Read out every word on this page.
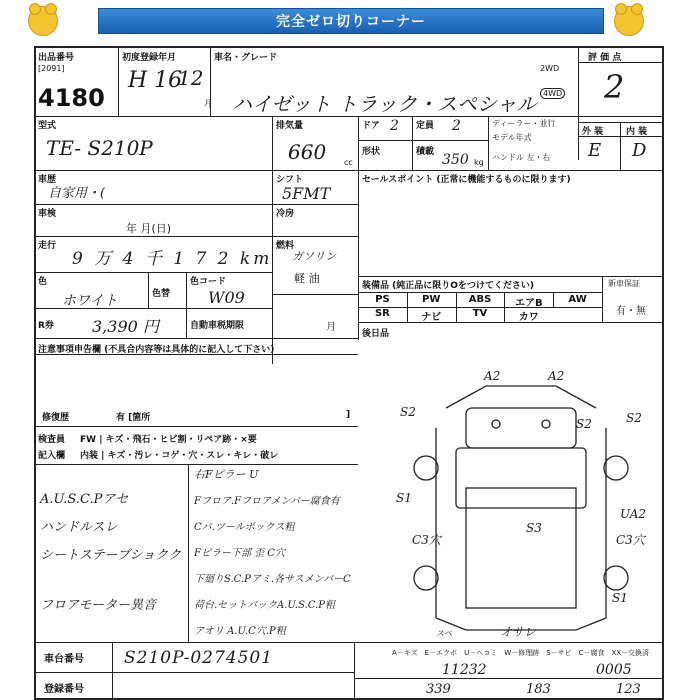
完全ゼロ切りコーナー
出品番号
[2091]
4180
初度登録年月
H 16
12
月
車名・グレード
ハイゼット トラック・スペシャル
2WD
4WD
評 価 点
2
型式
TE- S210P
排気量
660 cc
ドア 2 定員 2
形状	積載 350 kg
ディーラー・並行
モデル年式
ハンドル 左・右
外 装	内 装
E D
車歴
自家用・(
シフト
5FMT
セールスポイント (正常に機能するものに限ります)
車検
年 月(日)
冷房
走行
9 万 4 千 1 7 2 km
燃料
ガソリン
軽 油
色
ホワイト	色替
色コード
W09
R券 3,390 円	自動車税期限	月
装備品 (純正品に限りOをつけてください)	新車保証
有・無
後日品
注意事項申告欄 (不具合内容等は具体的に記入して下さい)
修復歴	有 [箇所	]
検査員 FW | キズ・飛石・ヒビ割・リペア跡・×要
記入欄 内装 | キズ・汚レ・コゲ・穴・スレ・キレ・破レ
A.U.S.C.Pアセ
ハンドルスレ
シートステーブショクク
フロアモーター異音
右Fピラー U
Fフロア.Fフロアメンバー腐食有
Cバ.ツールボックス粗
Fピラー下部 歪 C穴
下廻りS.C.Pアミ.各サスメンバーC
荷台.セットバックA.U.S.C.P粗
アオリ A.U.C穴.P粗
A2	A2
S2
S2	S2
S1
C3穴
S3
UA2
C3穴
S1
スベ	オサレ
車台番号 S210P-0274501
登録番号
A－キズ　E－エクボ　U－ヘコミ　W－修理跡　S－サビ　C－腐食　XX－交換済
11232	0005
339	183	123
PS	PW	ABS	エアB	AW
SR	ナビ	TV	カワ
